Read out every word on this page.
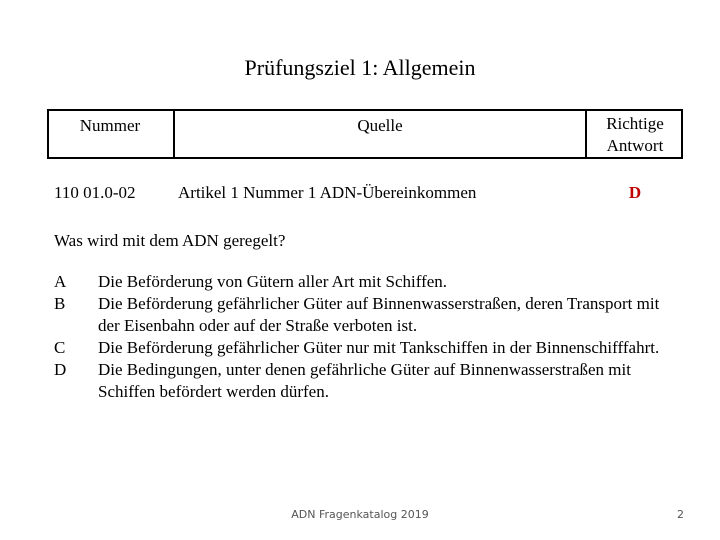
Prüfungsziel 1: Allgemein
Nummer	Quelle	Richtige
Antwort
110 01.0-02 Artikel 1 Nummer 1 ADN-Übereinkommen	D
Was wird mit dem ADN geregelt?
A	Die Beförderung von Gütern aller Art mit Schiffen.
B	Die Beförderung gefährlicher Güter auf Binnenwasserstraßen, deren Transport mit der Eisenbahn oder auf der Straße verboten ist.
C	Die Beförderung gefährlicher Güter nur mit Tankschiffen in der Binnenschifffahrt.
D	Die Bedingungen, unter denen gefährliche Güter auf Binnenwasserstraßen mit Schiffen befördert werden dürfen.
ADN Fragenkatalog 2019	2
